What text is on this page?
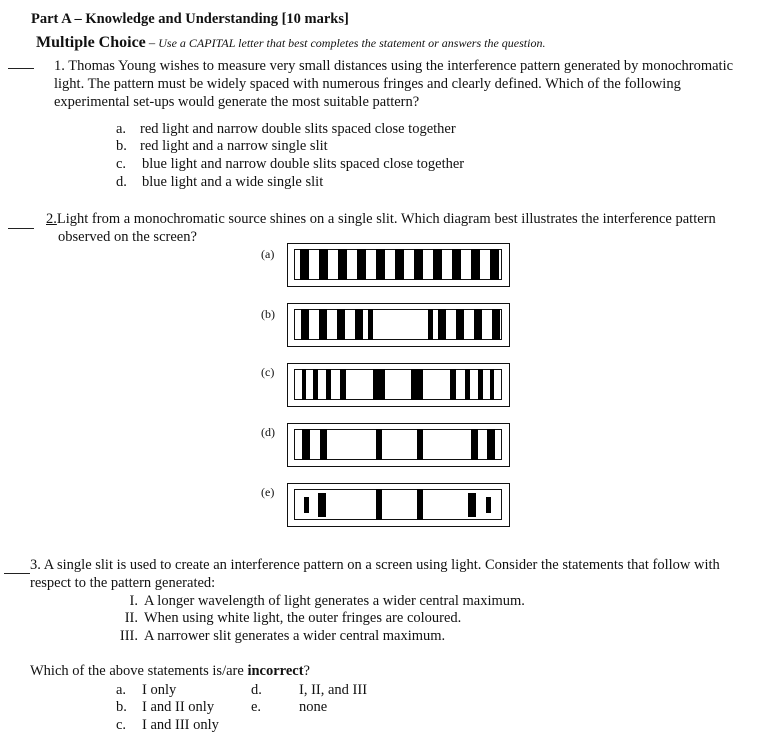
Part A – Knowledge and Understanding [10 marks]
Multiple Choice – Use a CAPITAL letter that best completes the statement or answers the question.
1. Thomas Young wishes to measure very small distances using the interference pattern generated by monochromatic
light. The pattern must be widely spaced with numerous fringes and clearly defined. Which of the following
experimental set-ups would generate the most suitable pattern?
a. red light and narrow double slits spaced close together
b. red light and a narrow single slit
c. blue light and narrow double slits spaced close together
d. blue light and a wide single slit
2.Light from a monochromatic source shines on a single slit. Which diagram best illustrates the interference pattern
observed on the screen?
(a)
(b)
(c)
(d)
(e)
3. A single slit is used to create an interference pattern on a screen using light. Consider the statements that follow with
respect to the pattern generated:
I. A longer wavelength of light generates a wider central maximum.
II. When using white light, the outer fringes are coloured.
III. A narrower slit generates a wider central maximum.
Which of the above statements is/are incorrect?
a. I only
b. I and II only
c. I and III only
d.	I, II, and III
e.	none
